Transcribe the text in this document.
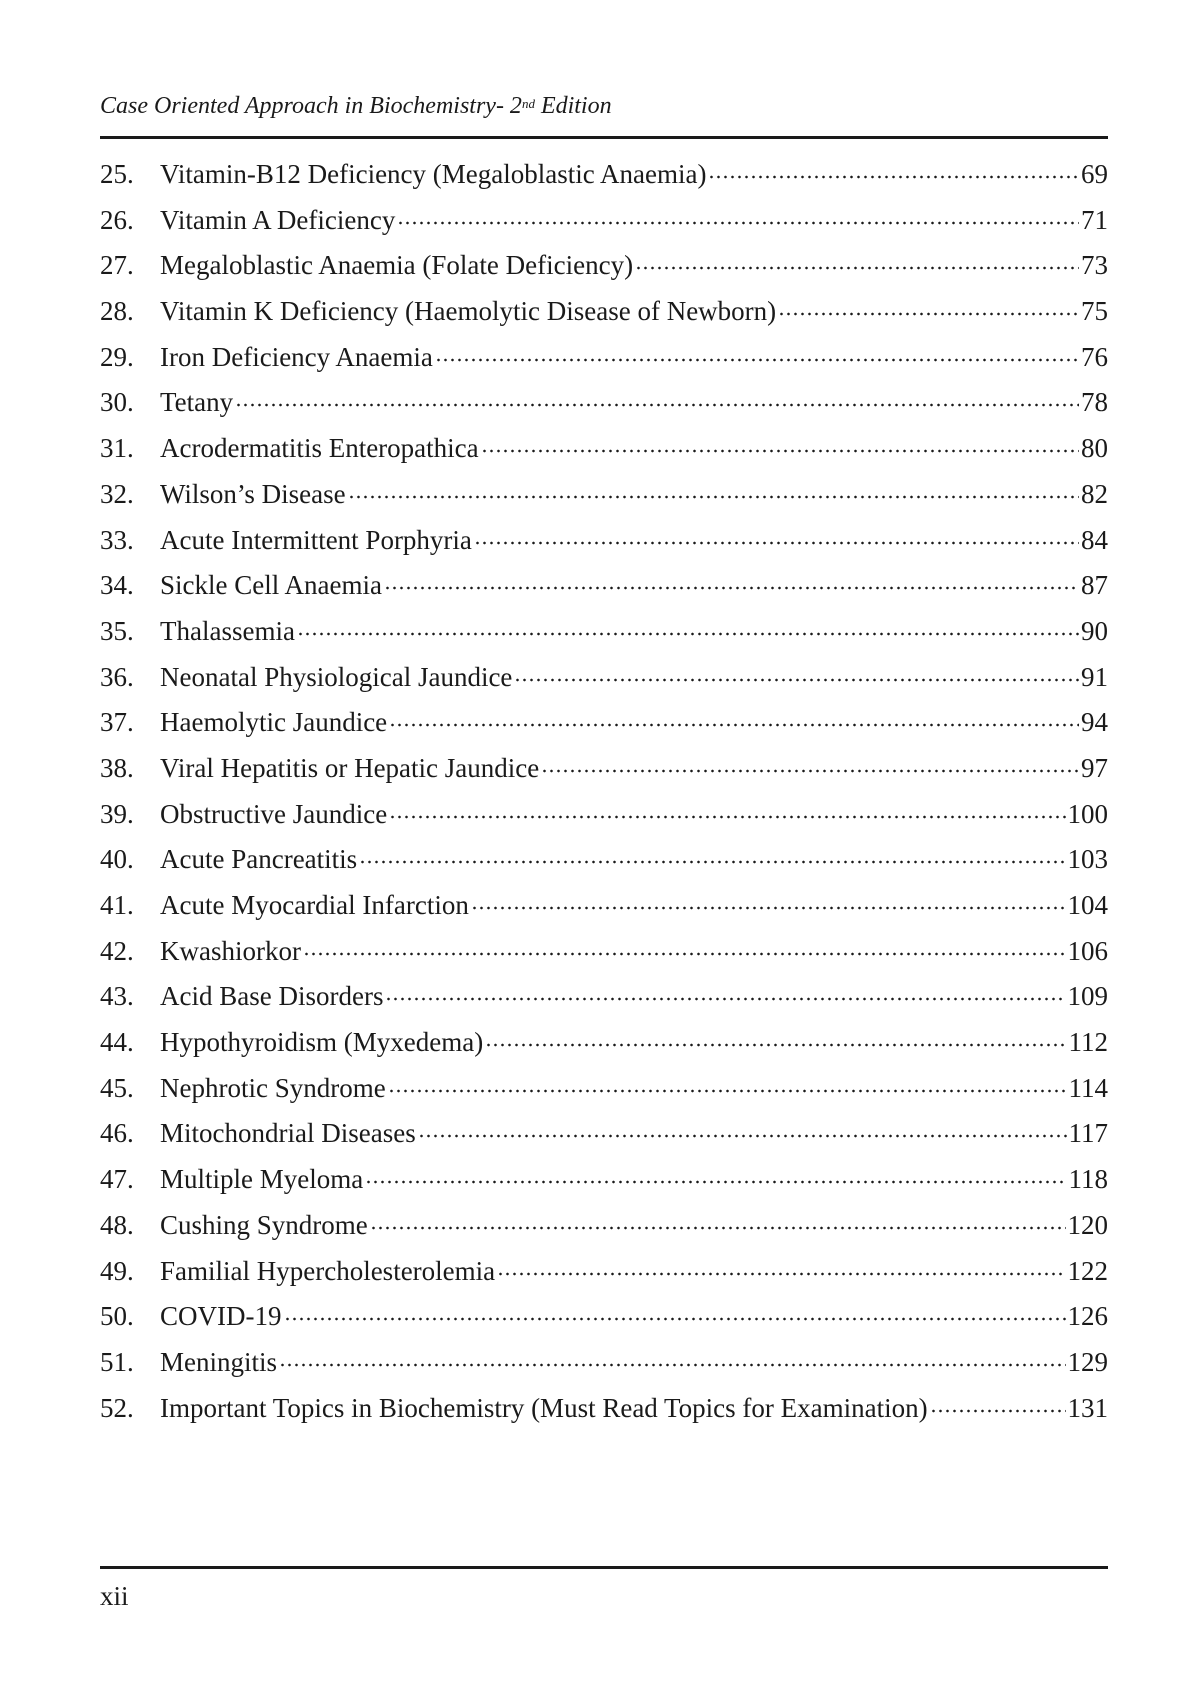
Case Oriented Approach in Biochemistry- 2nd Edition
25. Vitamin-B12 Deficiency (Megaloblastic Anaemia)	69
26. Vitamin A Deficiency	71
27. Megaloblastic Anaemia (Folate Deficiency)	73
28. Vitamin K Deficiency (Haemolytic Disease of Newborn)	75
29. Iron Deficiency Anaemia	76
30. Tetany	78
31. Acrodermatitis Enteropathica	80
32. Wilson’s Disease	82
33. Acute Intermittent Porphyria	84
34. Sickle Cell Anaemia	87
35. Thalassemia	90
36. Neonatal Physiological Jaundice	91
37. Haemolytic Jaundice	94
38. Viral Hepatitis or Hepatic Jaundice	97
39. Obstructive Jaundice	100
40. Acute Pancreatitis	103
41. Acute Myocardial Infarction	104
42. Kwashiorkor	106
43. Acid Base Disorders	109
44. Hypothyroidism (Myxedema)	112
45. Nephrotic Syndrome	114
46. Mitochondrial Diseases	117
47. Multiple Myeloma	118
48. Cushing Syndrome	120
49. Familial Hypercholesterolemia	122
50. COVID-19	126
51. Meningitis	129
52. Important Topics in Biochemistry (Must Read Topics for Examination)	131
xii
